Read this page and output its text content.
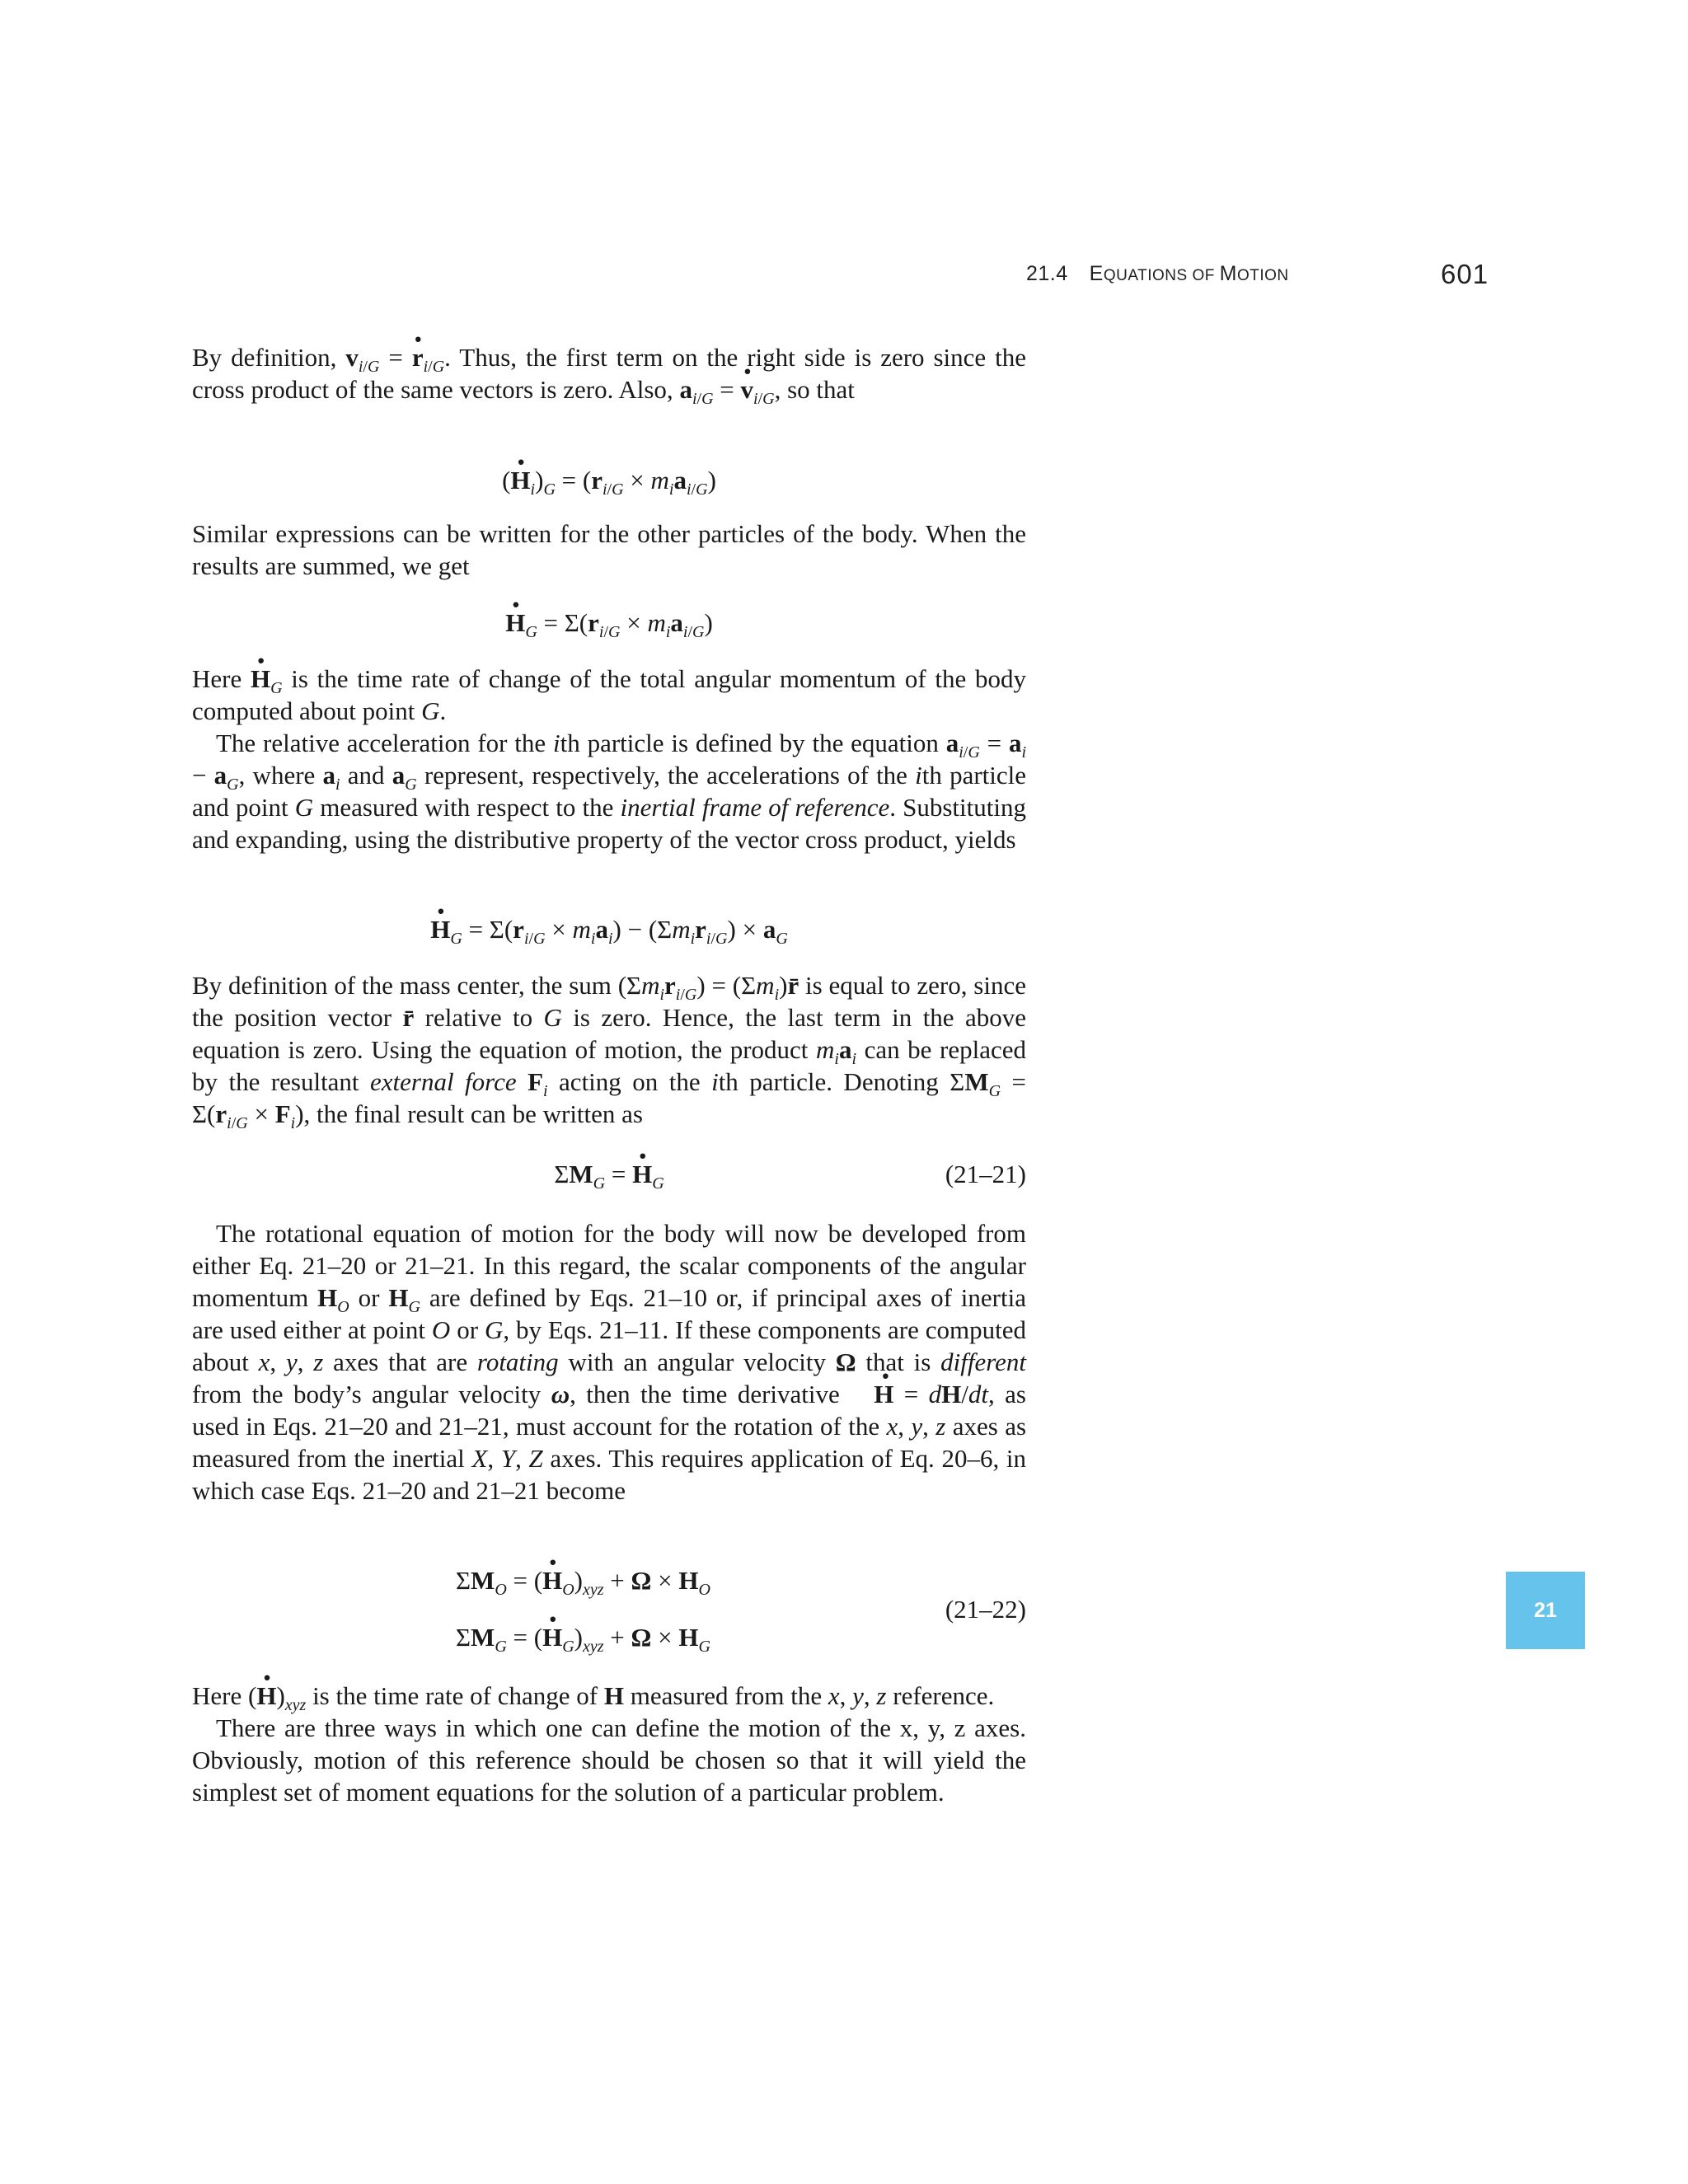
21.4 EQUATIONS OF MOTION	601
21

By definition, $v_{i/G} = r \cdot_{i/G}$. Thus, the first term on the right side is zero since the cross product of the same vectors is zero. Also, $a_{i/G} = v \cdot_{i/G}$, so that

$(H \cdot_i)_G = (r_{i/G} \times m_ia_{i/G})$

Similar expressions can be written for the other particles of the body. When the results are summed, we get

$H \cdot_G = \Sigma(r_{i/G} \times m_ia_{i/G})$

Here $H \cdot_G$ is the time rate of change of the total angular momentum of the body computed about point G.

The relative acceleration for the ith particle is defined by the equation $a_{i/G} = a_i - a_G$, where $a_i$ and $a_G$ represent, respectively, the accelerations of the ith particle and point G measured with respect to the inertial frame of reference. Substituting and expanding, using the distributive property of the vector cross product, yields

$H \cdot_G = \Sigma(r_{i/G} \times m_ia_i) - (\Sigma m_ir_{i/G}) \times a_G$

By definition of the mass center, the sum $(\Sigma m_ir_{i/G})$ = $(\Sigma m_i)r̄$ is equal to zero, since the position vector r̄ relative to G is zero. Hence, the last term in the above equation is zero. Using the equation of motion, the product $m_ia_i$ can be replaced by the resultant external force $F_i$ acting on the ith particle. Denoting $\Sigma M_G = \Sigma(r_{i/G} \times F_i)$, the final result can be written as

$\Sigma M_G = H \cdot_G$	(21–21)

The rotational equation of motion for the body will now be developed from either Eq. 21–20 or 21–21. In this regard, the scalar components of the angular momentum $H_O$ or $H_G$ are defined by Eqs. 21–10 or, if principal axes of inertia are used either at point O or G, by Eqs. 21–11. If these components are computed about x, y, z axes that are rotating with an angular velocity Ω that is different from the body’s angular velocity ω, then the time derivative H · = dH/dt, as used in Eqs. 21–20 and 21–21, must account for the rotation of the x, y, z axes as measured from the inertial X, Y, Z axes. This requires application of Eq. 20–6, in which case Eqs. 21–20 and 21–21 become

$\Sigma M_O = (H \cdot_O)_{xyz} + \Omega \times H_O$
$\Sigma M_G = (H \cdot_G)_{xyz} + \Omega \times H_G$
(21–22)

Here $(H \cdot)_{xyz}$ is the time rate of change of H measured from the x, y, z reference.

There are three ways in which one can define the motion of the x, y, z axes. Obviously, motion of this reference should be chosen so that it will yield the simplest set of moment equations for the solution of a particular problem.
